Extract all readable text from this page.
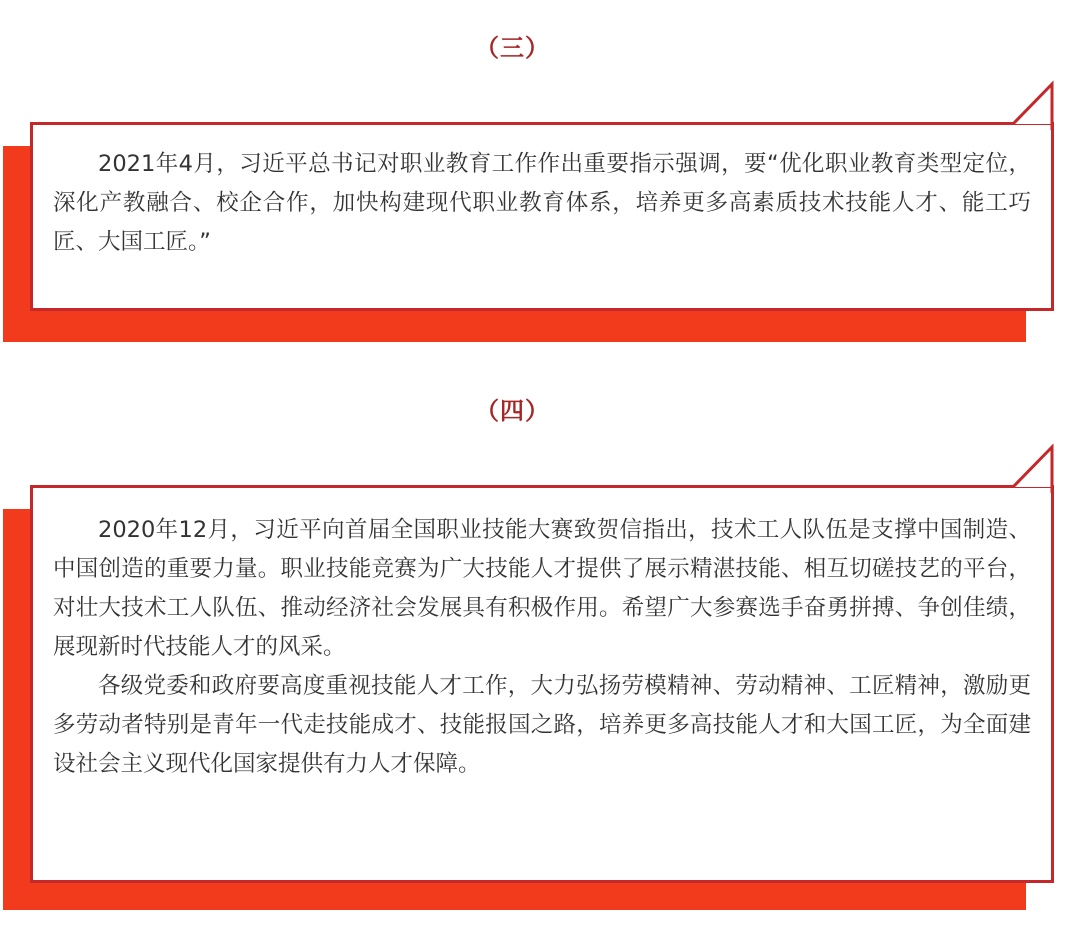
（三）

2021年4月，习近平总书记对职业教育工作作出重要指示强调，要“优化职业教育类型定位，深化产教融合、校企合作，加快构建现代职业教育体系，培养更多高素质技术技能人才、能工巧匠、大国工匠。”

（四）

2020年12月，习近平向首届全国职业技能大赛致贺信指出，技术工人队伍是支撑中国制造、中国创造的重要力量。职业技能竞赛为广大技能人才提供了展示精湛技能、相互切磋技艺的平台，对壮大技术工人队伍、推动经济社会发展具有积极作用。希望广大参赛选手奋勇拼搏、争创佳绩，展现新时代技能人才的风采。

各级党委和政府要高度重视技能人才工作，大力弘扬劳模精神、劳动精神、工匠精神，激励更多劳动者特别是青年一代走技能成才、技能报国之路，培养更多高技能人才和大国工匠，为全面建设社会主义现代化国家提供有力人才保障。
